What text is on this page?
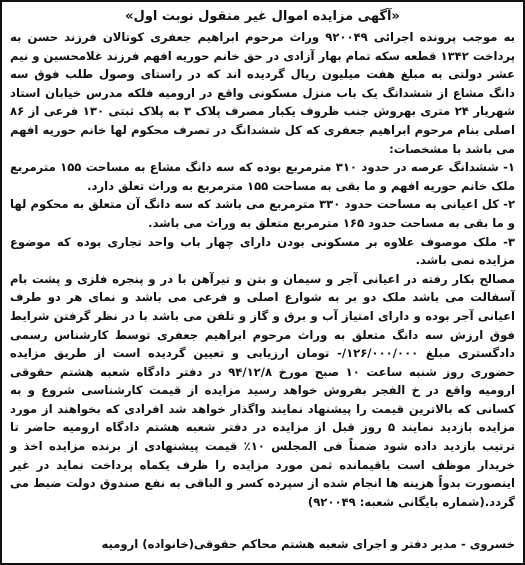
«آگهی مزایده اموال غیر منقول نوبت اول»

به موجب پرونده اجرائی ۹۲۰۰۴۹ وراث مرحوم ابراهیم جعفری کوتالان فرزند حسن به پرداخت ۱۳۴۲ قطعه سکه تمام بهار آزادی در حق خانم حوریه افهم فرزند غلامحسین و نیم عشر دولتی به مبلغ هفت میلیون ریال گردیده اند که در راستای وصول طلب فوق سه دانگ مشاع از ششدانگ یک باب منزل مسکونی واقع در ارومیه فلکه مدرس خیابان استاد شهریار ۲۴ متری بهروش جنب ظروف یکبار مصرف پلاک ۳ به پلاک ثبتی ۱۳۰ فرعی از ۸۶ اصلی بنام مرحوم ابراهیم جعفری که کل ششدانگ در تصرف محکوم لها خانم حوریه افهم می باشد با مشخصات:

۱- ششدانگ عرصه در حدود ۳۱۰ مترمربع بوده که سه دانگ مشاع به مساحت ۱۵۵ مترمربع ملک خانم حوریه افهم و ما بقی به مساحت ۱۵۵ مترمربع به وراث تعلق دارد.

۲- کل اعیانی به مساحت حدود ۳۳۰ مترمربع می باشد که سه دانگ آن متعلق به محکوم لها و ما بقی به مساحت حدود ۱۶۵ مترمربع متعلق به وراث می باشد.

۳- ملک موصوف علاوه بر مسکونی بودن دارای چهار باب واحد تجاری بوده که موضوع مزایده نمی باشد.

مصالح بکار رفته در اعیانی آجر و سیمان و بتن و تیرآهن با در و پنجره فلزی و پشت بام آسفالت می باشد ملک دو بر به شوارع اصلی و فرعی می باشد و نمای هر دو طرف اعیانی آجر بوده و دارای امتیاز آب و برق و گاز و تلفن می باشد با در نظر گرفتن شرایط فوق ارزش سه دانگ متعلق به وراث مرحوم ابراهیم جعفری توسط کارشناس رسمی دادگستری مبلغ ۱۲۶/۰۰۰/۰۰۰/- تومان ارزیابی و تعیین گردیده است از طریق مزایده حضوری روز شنبه ساعت ۱۰ صبح مورخ ۹۴/۱۲/۸ در دفتر دادگاه شعبه هشتم حقوقی ارومیه واقع در خ الفجر بفروش خواهد رسید مزایده از قیمت کارشناسی شروع و به کسانی که بالاترین قیمت را پیشنهاد نمایند واگذار خواهد شد افرادی که بخواهند از مورد مزایده بازدید نمایند ۵ روز قبل از مزایده در دفتر شعبه هشتم دادگاه ارومیه حاضر تا ترتیب بازدید داده شود ضمناً فی المجلس ۱۰٪ قیمت پیشنهادی از برنده مزایده اخذ و خریدار موظف است باقیمانده ثمن مورد مزایده را ظرف یکماه پرداخت نماید در غیر اینصورت بدواً هزینه ها انجام شده از سپرده کسر و الباقی به نفع صندوق دولت ضبط می گردد.(شماره بایگانی شعبه: ۹۲۰۰۴۹)

خسروی - مدیر دفتر و اجرای شعبه هشتم محاکم حقوقی(خانواده) ارومیه
